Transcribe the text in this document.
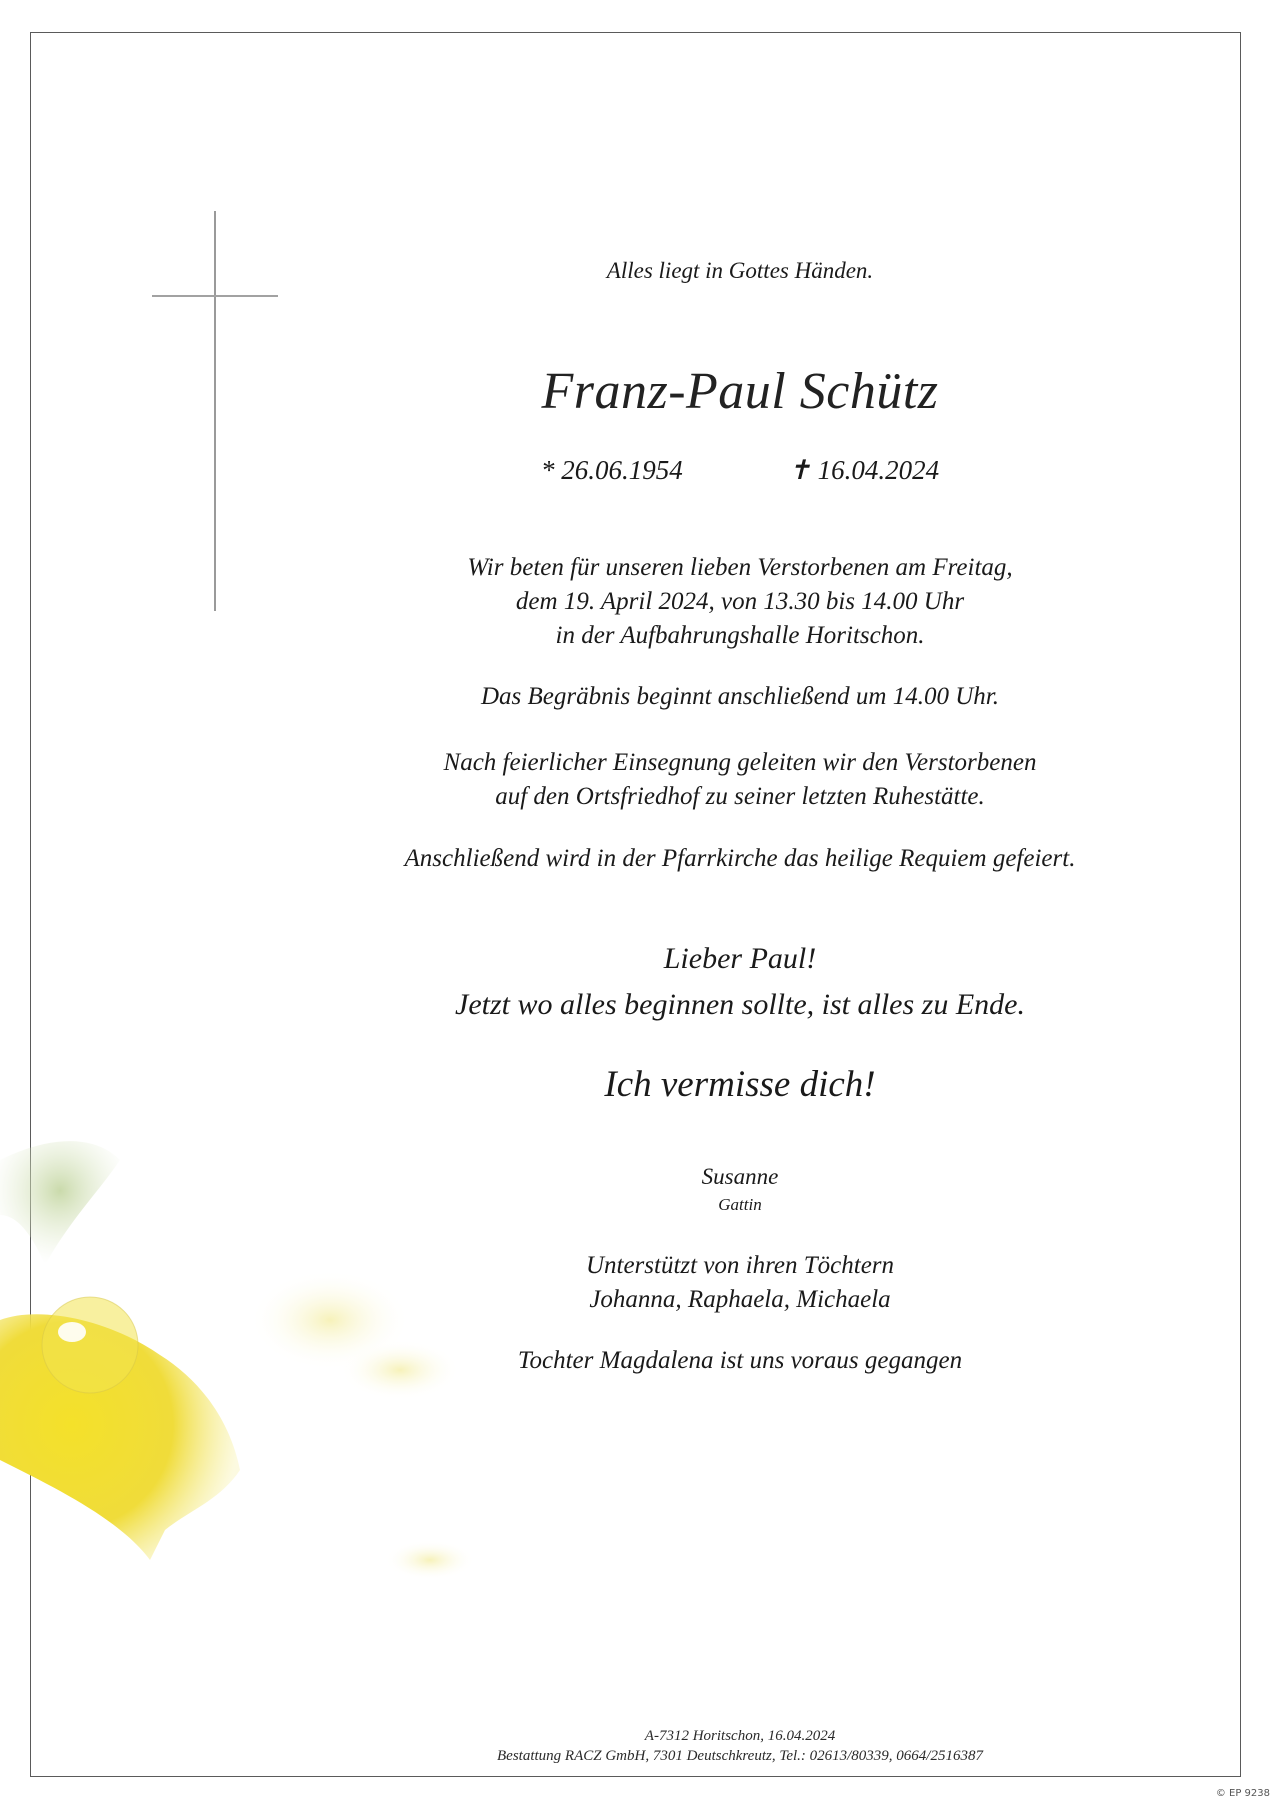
Alles liegt in Gottes Händen.
Franz-Paul Schütz
* 26.06.1954	✝ 16.04.2024
Wir beten für unseren lieben Verstorbenen am Freitag,
dem 19. April 2024, von 13.30 bis 14.00 Uhr
in der Aufbahrungshalle Horitschon.
Das Begräbnis beginnt anschließend um 14.00 Uhr.
Nach feierlicher Einsegnung geleiten wir den Verstorbenen
auf den Ortsfriedhof zu seiner letzten Ruhestätte.
Anschließend wird in der Pfarrkirche das heilige Requiem gefeiert.
Lieber Paul!
Jetzt wo alles beginnen sollte, ist alles zu Ende.
Ich vermisse dich!
Susanne
Gattin
Unterstützt von ihren Töchtern
Johanna, Raphaela, Michaela
Tochter Magdalena ist uns voraus gegangen
A-7312 Horitschon, 16.04.2024
Bestattung RACZ GmbH, 7301 Deutschkreutz, Tel.: 02613/80339, 0664/2516387
© EP 9238
